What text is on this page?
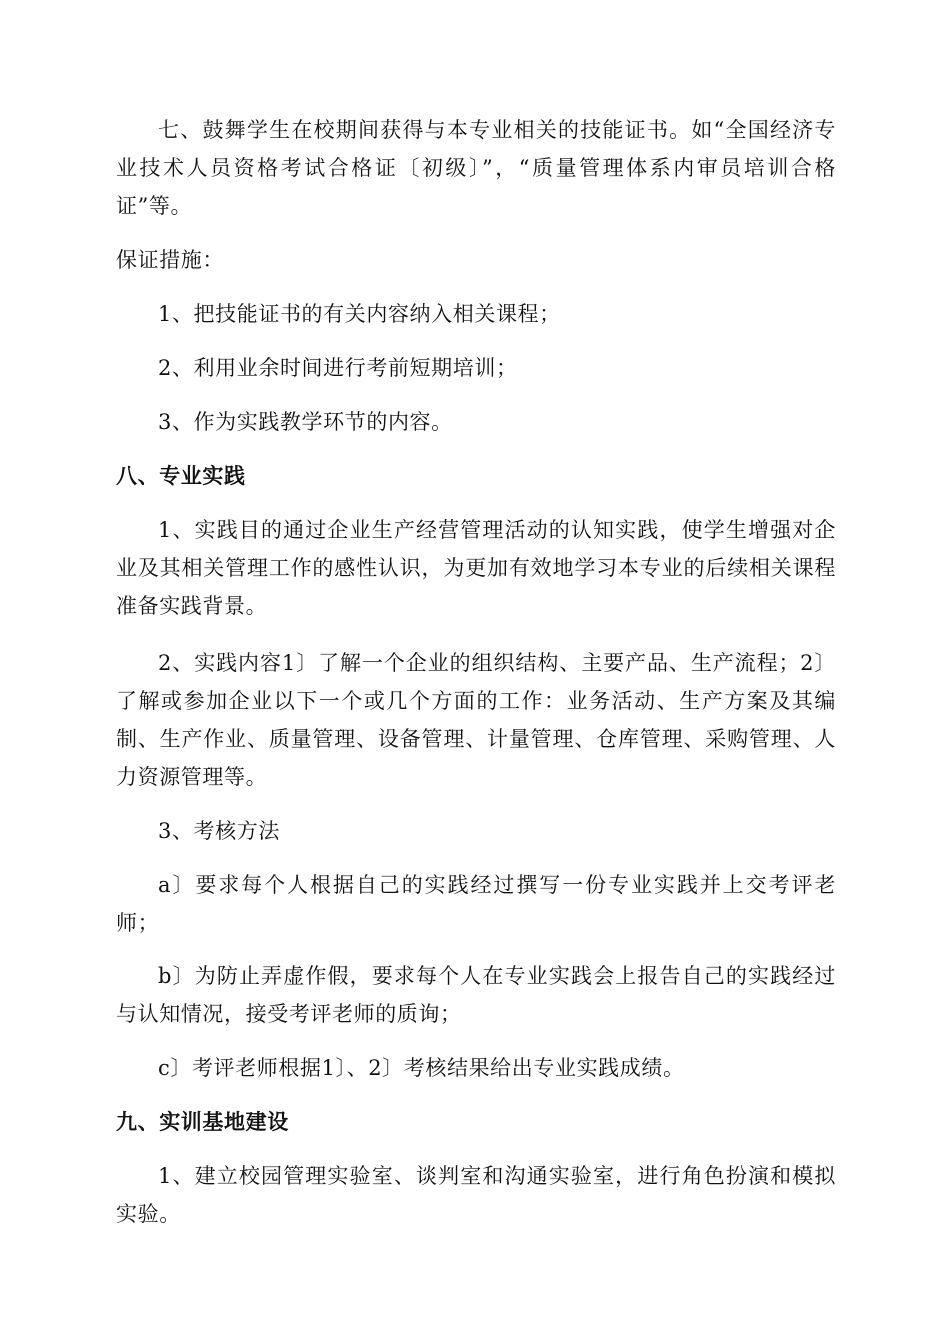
七、鼓舞学生在校期间获得与本专业相关的技能证书。如“全国经济专业技术人员资格考试合格证〔初级〕”，“质量管理体系内审员培训合格证”等。

保证措施：

1、把技能证书的有关内容纳入相关课程；

2、利用业余时间进行考前短期培训；

3、作为实践教学环节的内容。

八、专业实践

1、实践目的通过企业生产经营管理活动的认知实践，使学生增强对企业及其相关管理工作的感性认识，为更加有效地学习本专业的后续相关课程准备实践背景。

2、实践内容1〕了解一个企业的组织结构、主要产品、生产流程；2〕了解或参加企业以下一个或几个方面的工作：业务活动、生产方案及其编制、生产作业、质量管理、设备管理、计量管理、仓库管理、采购管理、人力资源管理等。

3、考核方法

a〕要求每个人根据自己的实践经过撰写一份专业实践并上交考评老师；

b〕为防止弄虚作假，要求每个人在专业实践会上报告自己的实践经过与认知情况，接受考评老师的质询；

c〕考评老师根据1〕、2〕考核结果给出专业实践成绩。

九、实训基地建设

1、建立校园管理实验室、谈判室和沟通实验室，进行角色扮演和模拟实验。
